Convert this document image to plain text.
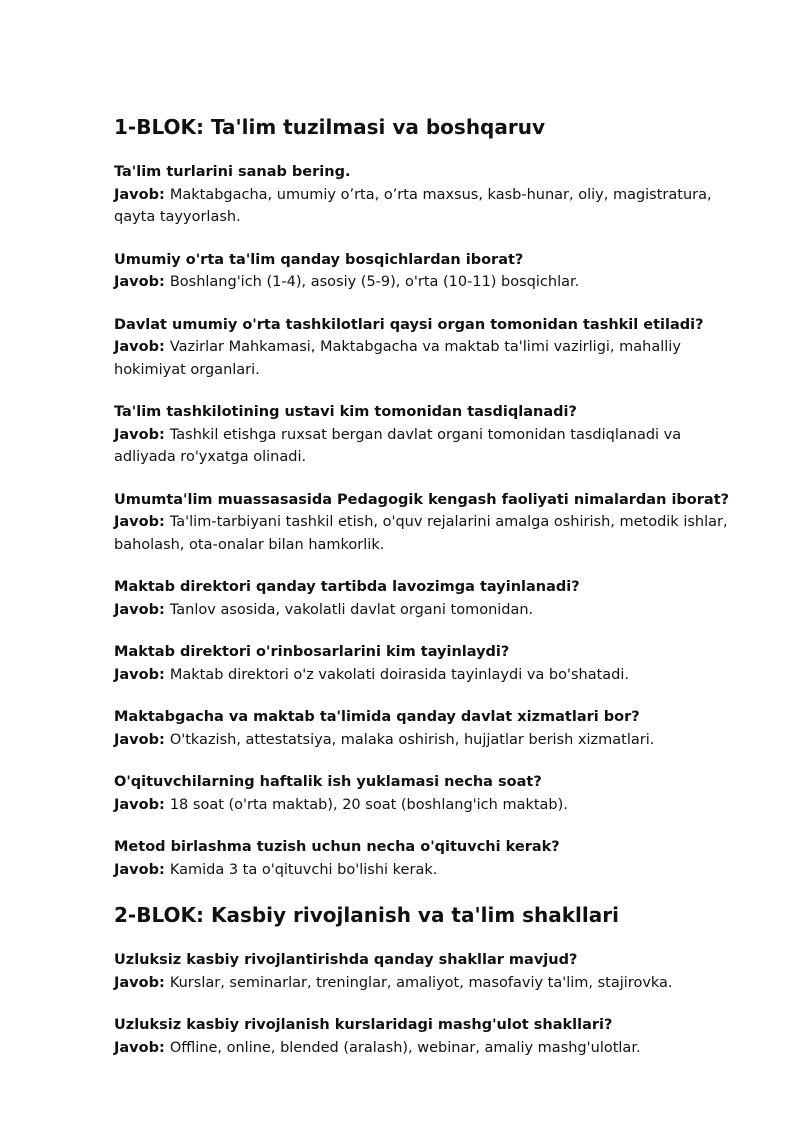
1-BLOK: Ta'lim tuzilmasi va boshqaruv
Ta'lim turlarini sanab bering.
Javob: Maktabgacha, umumiy o’rta, o’rta maxsus, kasb-hunar, oliy, magistratura, qayta tayyorlash.
Umumiy o'rta ta'lim qanday bosqichlardan iborat?
Javob: Boshlang'ich (1-4), asosiy (5-9), o'rta (10-11) bosqichlar.
Davlat umumiy o'rta tashkilotlari qaysi organ tomonidan tashkil etiladi?
Javob: Vazirlar Mahkamasi, Maktabgacha va maktab ta'limi vazirligi, mahalliy hokimiyat organlari.
Ta'lim tashkilotining ustavi kim tomonidan tasdiqlanadi?
Javob: Tashkil etishga ruxsat bergan davlat organi tomonidan tasdiqlanadi va adliyada ro'yxatga olinadi.
Umumta'lim muassasasida Pedagogik kengash faoliyati nimalardan iborat?
Javob: Ta'lim-tarbiyani tashkil etish, o'quv rejalarini amalga oshirish, metodik ishlar, baholash, ota-onalar bilan hamkorlik.
Maktab direktori qanday tartibda lavozimga tayinlanadi?
Javob: Tanlov asosida, vakolatli davlat organi tomonidan.
Maktab direktori o'rinbosarlarini kim tayinlaydi?
Javob: Maktab direktori o'z vakolati doirasida tayinlaydi va bo'shatadi.
Maktabgacha va maktab ta'limida qanday davlat xizmatlari bor?
Javob: O'tkazish, attestatsiya, malaka oshirish, hujjatlar berish xizmatlari.
O'qituvchilarning haftalik ish yuklamasi necha soat?
Javob: 18 soat (o'rta maktab), 20 soat (boshlang'ich maktab).
Metod birlashma tuzish uchun necha o'qituvchi kerak?
Javob: Kamida 3 ta o'qituvchi bo'lishi kerak.
2-BLOK: Kasbiy rivojlanish va ta'lim shakllari
Uzluksiz kasbiy rivojlantirishda qanday shakllar mavjud?
Javob: Kurslar, seminarlar, treninglar, amaliyot, masofaviy ta'lim, stajirovka.
Uzluksiz kasbiy rivojlanish kurslaridagi mashg'ulot shakllari?
Javob: Offline, online, blended (aralash), webinar, amaliy mashg'ulotlar.
